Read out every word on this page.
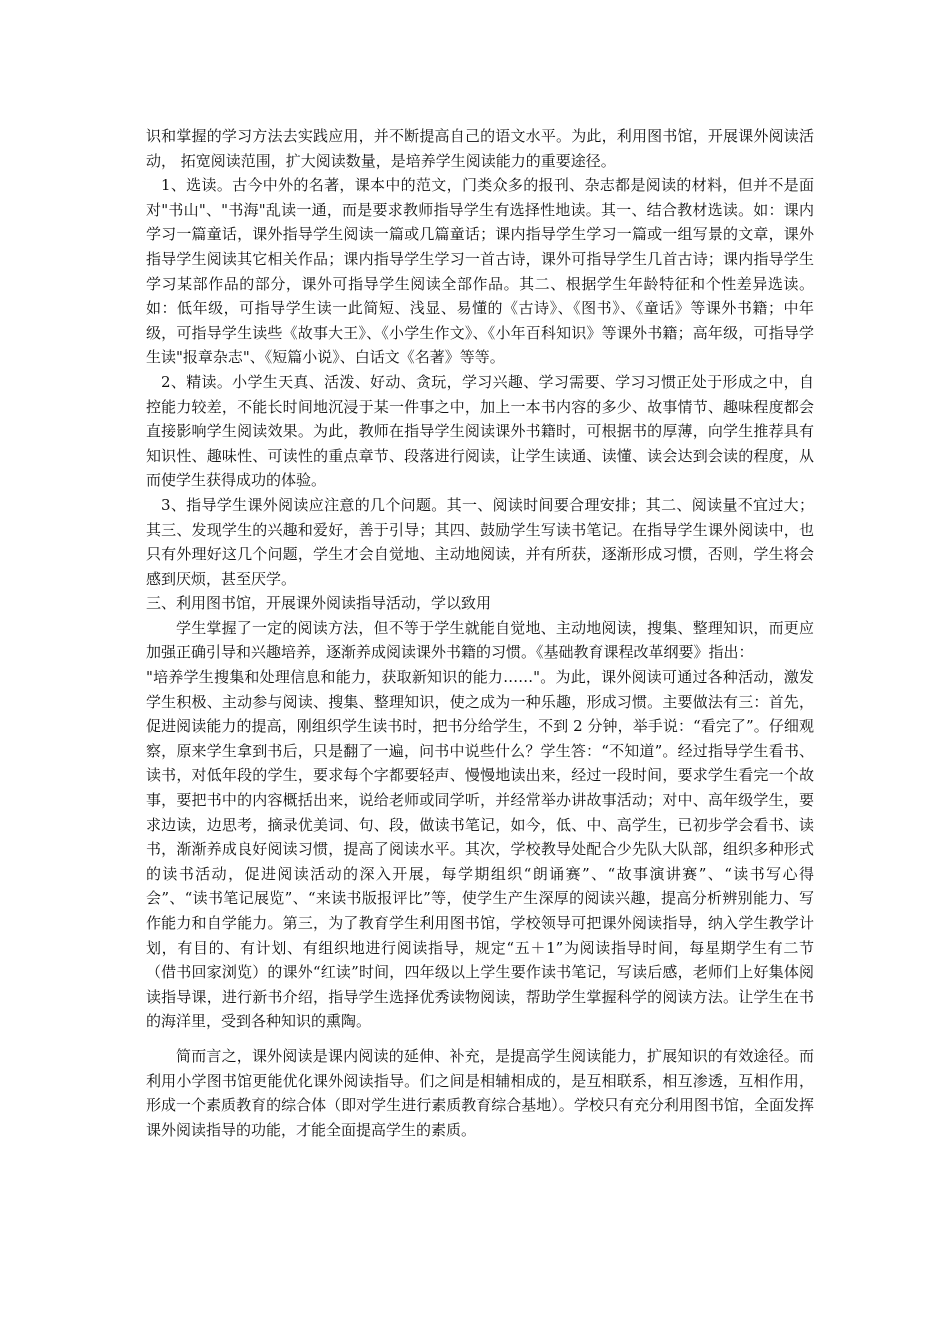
识和掌握的学习方法去实践应用，并不断提高自己的语文水平。为此，利用图书馆，开展课外阅读活动， 拓宽阅读范围，扩大阅读数量，是培养学生阅读能力的重要途径。

1、选读。古今中外的名著，课本中的范文，门类众多的报刊、杂志都是阅读的材料，但并不是面对"书山"、"书海"乱读一通，而是要求教师指导学生有选择性地读。其一、结合教材选读。如：课内学习一篇童话，课外指导学生阅读一篇或几篇童话；课内指导学生学习一篇或一组写景的文章，课外指导学生阅读其它相关作品；课内指导学生学习一首古诗，课外可指导学生几首古诗；课内指导学生学习某部作品的部分，课外可指导学生阅读全部作品。其二、根据学生年龄特征和个性差异选读。如：低年级，可指导学生读一此简短、浅显、易懂的《古诗》、《图书》、《童话》等课外书籍；中年级，可指导学生读些《故事大王》、《小学生作文》、《小年百科知识》等课外书籍；高年级，可指导学生读"报章杂志"、《短篇小说》、白话文《名著》等等。

2、精读。小学生天真、活泼、好动、贪玩，学习兴趣、学习需要、学习习惯正处于形成之中，自控能力较差，不能长时间地沉浸于某一件事之中，加上一本书内容的多少、故事情节、趣味程度都会直接影响学生阅读效果。为此，教师在指导学生阅读课外书籍时，可根据书的厚薄，向学生推荐具有知识性、趣味性、可读性的重点章节、段落进行阅读，让学生读通、读懂、读会达到会读的程度，从而使学生获得成功的体验。

3、指导学生课外阅读应注意的几个问题。其一、阅读时间要合理安排；其二、阅读量不宜过大；其三、发现学生的兴趣和爱好，善于引导；其四、鼓励学生写读书笔记。在指导学生课外阅读中，也只有外理好这几个问题，学生才会自觉地、主动地阅读，并有所获，逐渐形成习惯，否则，学生将会感到厌烦，甚至厌学。

三、利用图书馆，开展课外阅读指导活动，学以致用

学生掌握了一定的阅读方法，但不等于学生就能自觉地、主动地阅读，搜集、整理知识，而更应加强正确引导和兴趣培养，逐渐养成阅读课外书籍的习惯。《基础教育课程改革纲要》指出：

"培养学生搜集和处理信息和能力，获取新知识的能力……"。为此，课外阅读可通过各种活动，激发学生积极、主动参与阅读、搜集、整理知识，使之成为一种乐趣，形成习惯。主要做法有三：首先，促进阅读能力的提高，刚组织学生读书时，把书分给学生，不到 2 分钟，举手说：“看完了”。仔细观察，原来学生拿到书后，只是翻了一遍，问书中说些什么？学生答：“不知道”。经过指导学生看书、读书，对低年段的学生，要求每个字都要轻声、慢慢地读出来，经过一段时间，要求学生看完一个故事，要把书中的内容概括出来，说给老师或同学听，并经常举办讲故事活动；对中、高年级学生，要求边读，边思考，摘录优美词、句、段，做读书笔记，如今，低、中、高学生，已初步学会看书、读书，渐渐养成良好阅读习惯，提高了阅读水平。其次，学校教导处配合少先队大队部，组织多种形式的读书活动，促进阅读活动的深入开展，每学期组织“朗诵赛”、“故事演讲赛”、“读书写心得会”、“读书笔记展览”、“来读书版报评比”等，使学生产生深厚的阅读兴趣，提高分析辨别能力、写作能力和自学能力。第三，为了教育学生利用图书馆，学校领导可把课外阅读指导，纳入学生教学计划，有目的、有计划、有组织地进行阅读指导，规定“五＋1”为阅读指导时间，每星期学生有二节（借书回家浏览）的课外“红读”时间，四年级以上学生要作读书笔记，写读后感，老师们上好集体阅读指导课，进行新书介绍，指导学生选择优秀读物阅读，帮助学生掌握科学的阅读方法。让学生在书的海洋里，受到各种知识的熏陶。

简而言之，课外阅读是课内阅读的延伸、补充，是提高学生阅读能力，扩展知识的有效途径。而利用小学图书馆更能优化课外阅读指导。们之间是相辅相成的，是互相联系，相互渗透，互相作用，形成一个素质教育的综合体（即对学生进行素质教育综合基地）。学校只有充分利用图书馆，全面发挥课外阅读指导的功能，才能全面提高学生的素质。
